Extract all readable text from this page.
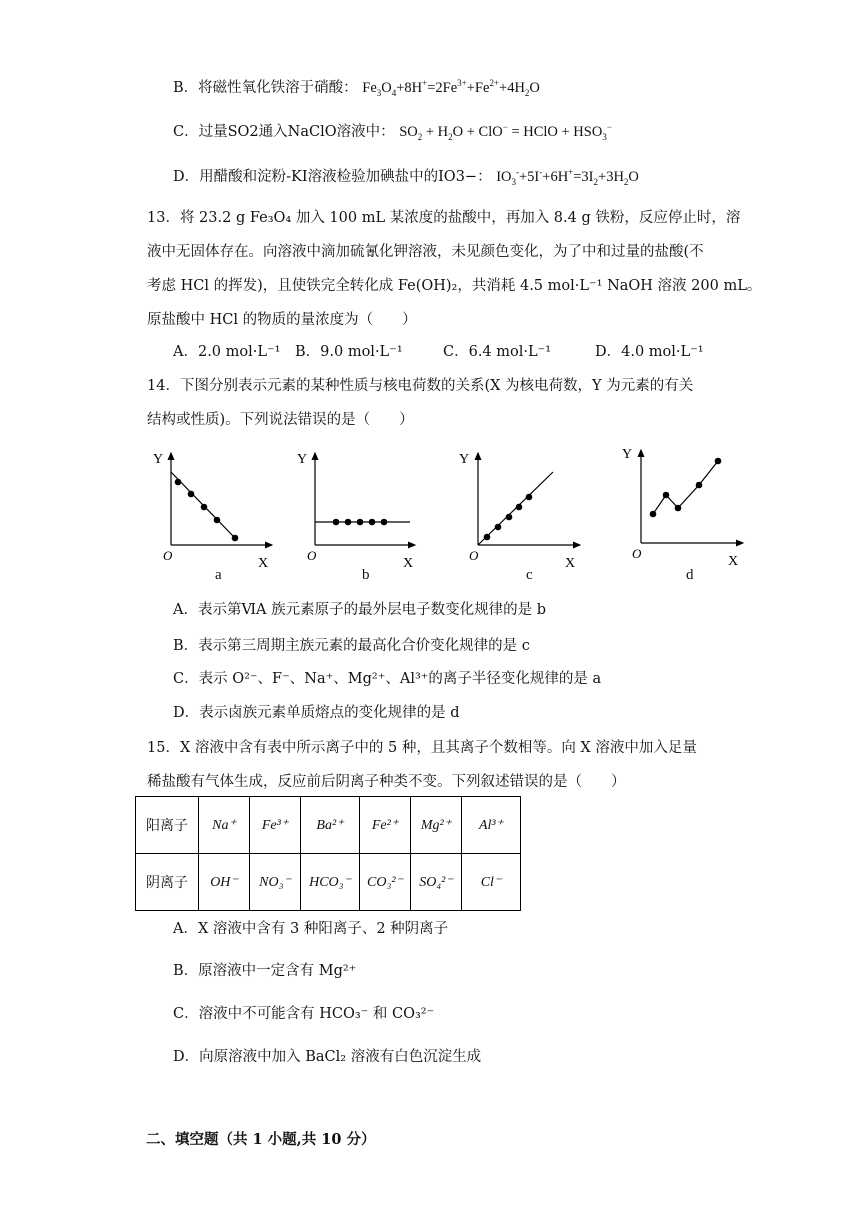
B．将磁性氧化铁溶于硝酸： $Fe_3O_4+8H^+=2Fe^{3+}+Fe^{2+}+4H_2O$
C．过量SO2通入NaClO溶液中： $SO_2 + H_2O + ClO^-$ = HClO + $HSO_3^-$
D．用醋酸和淀粉-KI溶液检验加碘盐中的IO3−： $IO_3^-+5I^-+6H^+=3I_2+3H_2O$
13．将 23.2 g Fe₃O₄ 加入 100 mL 某浓度的盐酸中，再加入 8.4 g 铁粉，反应停止时，溶
液中无固体存在。向溶液中滴加硫氰化钾溶液，未见颜色变化，为了中和过量的盐酸(不
考虑 HCl 的挥发)，且使铁完全转化成 Fe(OH)₂，共消耗 4.5 mol·L⁻¹ NaOH 溶液 200 mL。
原盐酸中 HCl 的物质的量浓度为（　　）
A．2.0 mol·L⁻¹ B．9.0 mol·L⁻¹	C．6.4 mol·L⁻¹	D．4.0 mol·L⁻¹
14．下图分别表示元素的某种性质与核电荷数的关系(X 为核电荷数，Y 为元素的有关
结构或性质)。下列说法错误的是（　　）
Y
X
O
a
Y
X
O
b
Y
X
O
c
Y
X
O
d
A．表示第ⅥA 族元素原子的最外层电子数变化规律的是 b
B．表示第三周期主族元素的最高化合价变化规律的是 c
C．表示 O²⁻、F⁻、Na⁺、Mg²⁺、Al³⁺的离子半径变化规律的是 a
D．表示卤族元素单质熔点的变化规律的是 d
15．X 溶液中含有表中所示离子中的 5 种，且其离子个数相等。向 X 溶液中加入足量
稀盐酸有气体生成，反应前后阴离子种类不变。下列叙述错误的是（　　）
阳离子	Na⁺	Fe³⁺	Ba²⁺	Fe²⁺	Mg²⁺	Al³⁺
阴离子	OH⁻	NO₃⁻	HCO₃⁻	CO₃²⁻	SO₄²⁻	Cl⁻
A．X 溶液中含有 3 种阳离子、2 种阴离子
B．原溶液中一定含有 Mg²⁺
C．溶液中不可能含有 HCO₃⁻ 和 CO₃²⁻
D．向原溶液中加入 BaCl₂ 溶液有白色沉淀生成
二、填空题（共 1 小题,共 10 分）
